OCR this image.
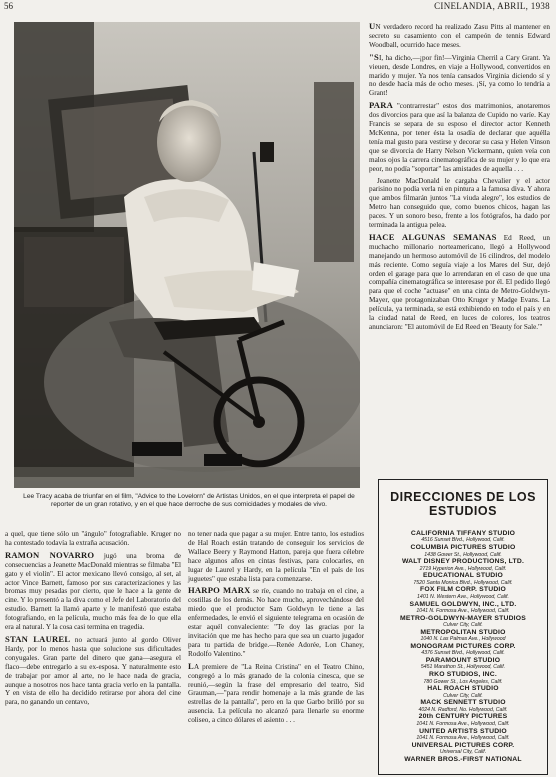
56	CINELANDIA, ABRIL, 1938
Lee Tracy acaba de triunfar en el film, "Advice to the Lovelorn" de Artistas Unidos, en el que interpreta el papel de reporter de un gran rotativo, y en el que hace derroche de sus comicidades y modales de vivo.

a quel, que tiene sólo un "ángulo" fotografiable. Kruger no ha contestado todavía la extraña acusación.

RAMON NOVARRO jugó una broma de consecuencias a Jeanette MacDonald mientras se filmaba "El gato y el violín". El actor mexicano llevó consigo, al set, al actor Vince Barnett, famoso por sus caracterizaciones y las bromas muy pesadas por cierto, que le hace a la gente de cine. Y lo presentó a la diva como el Jefe del Laboratorio del estudio. Barnett la llamó aparte y le manifestó que estaba fotografiando, en la película, mucho más fea de lo que ella era al natural. Y la cosa casi termina en tragedia.

STAN LAUREL no actuará junto al gordo Oliver Hardy, por lo menos hasta que solucione sus dificultades conyugales. Gran parte del dinero que gana—asegura el flaco—debe entregarlo a su ex-esposa. Y naturalmente esto de trabajar por amor al arte, no le hace nada de gracia, aunque a nosotros nos hace tanta gracia verlo en la pantalla. Y en vista de ello ha decidido retirarse por ahora del cine para, no ganando un centavo,

no tener nada que pagar a su mujer. Entre tanto, los estudios de Hal Roach están tratando de conseguir los servicios de Wallace Beery y Raymond Hatton, pareja que fuera célebre hace algunos años en cintas festivas, para colocarles, en lugar de Laurel y Hardy, en la película "En el país de los juguetes" que estaba lista para comenzarse.

HARPO MARX se ríe, cuando no trabaja en el cine, a costillas de los demás. No hace mucho, aprovechándose del miedo que el productor Sam Goldwyn le tiene a las enfermedades, le envió el siguiente telegrama en ocasión de estar aquél convaleciente: "Te doy las gracias por la invitación que me has hecho para que sea un cuarto jugador para tu partida de bridge.—Renée Adorée, Lon Chaney, Rodolfo Valentino."

LA premiere de "La Reina Cristina" en el Teatro Chino, congregó a lo más granado de la colonia cinesca, que se reunió,—según la frase del empresario del teatro, Sid Grauman,—"para rendir homenaje a la más grande de las estrellas de la pantalla", pero en la que Garbo brilló por su ausencia. La película no alcanzó para llenarle su enorme coliseo, a cinco dólares el asiento . . .

UN verdadero record ha realizado Zasu Pitts al mantener en secreto su casamiento con el campeón de tennis Edward Woodball, ocurrido hace meses.

"SI, ha dicho,—¡por fin!—Virginia Cherril a Cary Grant. Ya vieuen, desde Londres, en viaje a Hollywood, convertidos en marido y mujer. Ya nos tenía cansados Virginia diciendo sí y no desde hacía más de ocho meses. ¡Sí, ya como lo tendría a Grant!

PARA "contrarrestar" estos dos matrimonios, anotaremos dos divorcios para que así la balanza de Cupido no varíe. Kay Francis se separa de su esposo el director actor Kenneth McKenna, por tener ésta la osadía de declarar que aquélla tenía mal gusto para vestirse y decorar su casa y Helen Vinson que se divorcia de Harry Nelson Vickermann, quien veía con malos ojos la carrera cinematográfica de su mujer y lo que era peor, no podía "soportar" las amistades de aquella . . .

Jeanette MacDonald le cargaba Chevalier y el actor parisino no podía verla ni en pintura a la famosa diva. Y ahora que ambos filmarán juntos "La viuda alegre", los estudios de Metro han conseguido que, como buenos chicos, hagan las paces. Y un sonoro beso, frente a los fotógrafos, ha dado por terminada la antigua pelea.

HACE ALGUNAS SEMANAS Ed Reed, un muchacho millonario norteamericano, llegó a Hollywood manejando un hermoso automóvil de 16 cilindros, del modelo más reciente. Como seguía viaje a los Mares del Sur, dejó orden el garage para que lo arrendaran en el caso de que una compañía cinematográfica se interesase por él. El pedido llegó para que el coche "actuase" en una cinta de Metro-Goldwyn-Mayer, que protagonizaban Otto Kruger y Madge Evans. La película, ya terminada, se está exhibiendo en todo el país y en la ciudad natal de Reed, en luces de colores, los teatros anunciaron: "El automóvil de Ed Reed en 'Beauty for Sale.'"

DIRECCIONES DE LOS ESTUDIOS
CALIFORNIA TIFFANY STUDIO
4516 Sunset Blvd., Hollywood, Calif.
COLUMBIA PICTURES STUDIO
1438 Gower St., Hollywood, Calif.
WALT DISNEY PRODUCTIONS, LTD.
2719 Hyperion Ave., Hollywood, Calif.
EDUCATIONAL STUDIO
7520 Santa Monica Blvd., Hollywood, Calif.
FOX FILM CORP. STUDIO
1401 N. Western Ave., Hollywood, Calif.
SAMUEL GOLDWYN, INC., LTD.
1041 N. Formosa Ave., Hollywood, Calif.
METRO-GOLDWYN-MAYER STUDIOS
Culver City, Calif.
METROPOLITAN STUDIO
1040 N. Las Palmas Ave., Hollywood
MONOGRAM PICTURES CORP.
4376 Sunset Blvd., Hollywood, Calif.
PARAMOUNT STUDIO
5451 Marathon St., Hollywood, Calif.
RKO STUDIOS, INC.
780 Gower St., Los Angeles, Calif.
HAL ROACH STUDIO
Culver City, Calif.
MACK SENNETT STUDIO
4024 N. Radford, No. Hollywood, Calif.
20th CENTURY PICTURES
1041 N. Formosa Ave., Hollywood, Calif.
UNITED ARTISTS STUDIO
1041 N. Formosa Ave., Hollywood, Calif.
UNIVERSAL PICTURES CORP.
Universal City, Calif.
WARNER BROS.-FIRST NATIONAL
